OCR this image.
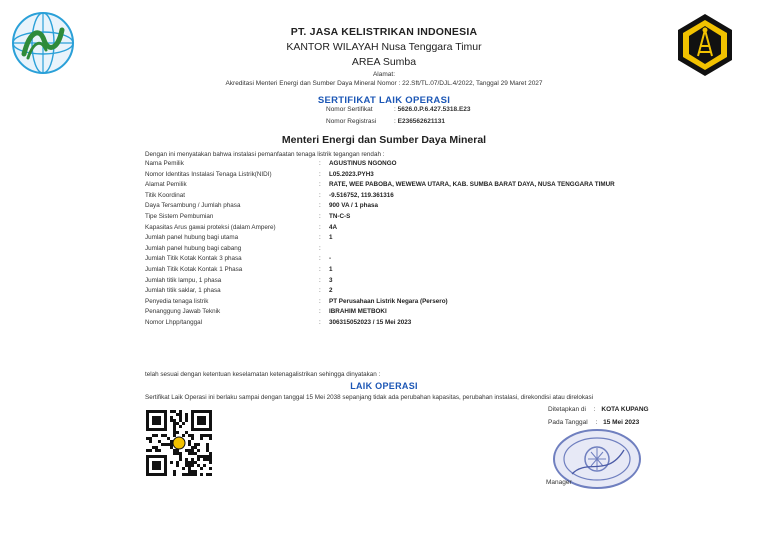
PT. JASA KELISTRIKAN INDONESIA
KANTOR WILAYAH Nusa Tenggara Timur
AREA Sumba
Alamat:
Akreditasi Menteri Energi dan Sumber Daya Mineral Nomor : 22.Sft/TL.07/DJL.4/2022, Tanggal 29 Maret 2027
SERTIFIKAT LAIK OPERASI
Nomor Sertifikat	: 5626.0.P.6.427.5318.E23
Nomor Registrasi	: E236562621131
Menteri Energi dan Sumber Daya Mineral
Dengan ini menyatakan bahwa instalasi pemanfaatan tenaga listrik tegangan rendah :
Nama Pemilik	: AGUSTINUS NGONGO
Nomor Identitas Instalasi Tenaga Listrik(NIDI)	: L05.2023.PYH3
Alamat Pemilik	: RATE, WEE PABOBA, WEWEWA UTARA, KAB. SUMBA BARAT DAYA, NUSA TENGGARA TIMUR
Titik Koordinat	: -9.516752, 119.361316
Daya Tersambung / Jumlah phasa	: 900 VA / 1 phasa
Tipe Sistem Pembumian	: TN-C-S
Kapasitas Arus gawai proteksi (dalam Ampere)	: 4A
Jumlah panel hubung bagi utama	: 1
Jumlah panel hubung bagi cabang	:
Jumlah Titik Kotak Kontak 3 phasa	: -
Jumlah Titik Kotak Kontak 1 Phasa	: 1
Jumlah titik lampu, 1 phasa	: 3
Jumlah titik saklar, 1 phasa	: 2
Penyedia tenaga listrik	: PT Perusahaan Listrik Negara (Persero)
Penanggung Jawab Teknik	: IBRAHIM METBOKI
Nomor Lhpp/tanggal	: 306315052023 / 15 Mei 2023
telah sesuai dengan ketentuan keselamatan ketenagalistrikan sehingga dinyatakan :
LAIK OPERASI
Sertifikat Laik Operasi ini berlaku sampai dengan tanggal 15 Mei 2038 sepanjang tidak ada perubahan kapasitas, perubahan instalasi, direkondisi atau direlokasi
Ditetapkan di : KOTA KUPANG
Pada Tanggal : 15 Mei 2023
Manager
